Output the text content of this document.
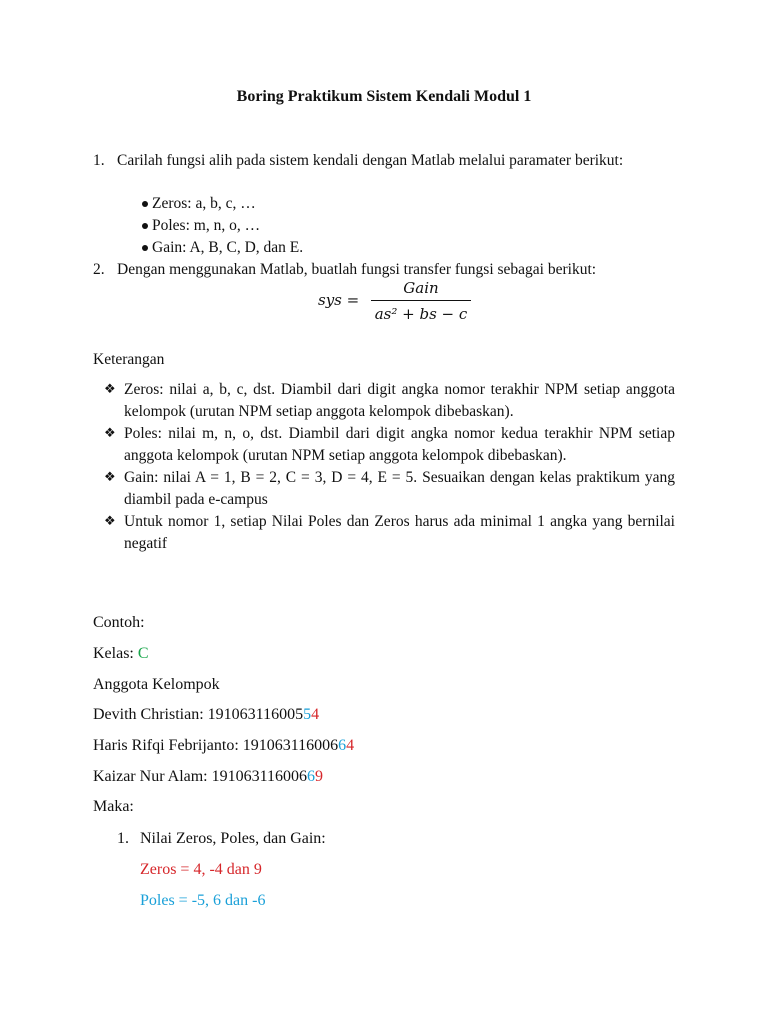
Boring Praktikum Sistem Kendali Modul 1
1. Carilah fungsi alih pada sistem kendali dengan Matlab melalui paramater berikut:
Zeros: a, b, c, …
Poles: m, n, o, …
Gain: A, B, C, D, dan E.
2. Dengan menggunakan Matlab, buatlah fungsi transfer fungsi sebagai berikut:
sys =
Gain
as² + bs − c
Keterangan
❖ Zeros: nilai a, b, c, dst. Diambil dari digit angka nomor terakhir NPM setiap anggota kelompok (urutan NPM setiap anggota kelompok dibebaskan).
❖ Poles: nilai m, n, o, dst. Diambil dari digit angka nomor kedua terakhir NPM setiap anggota kelompok (urutan NPM setiap anggota kelompok dibebaskan).
❖ Gain: nilai A = 1, B = 2, C = 3, D = 4, E = 5. Sesuaikan dengan kelas praktikum yang diambil pada e-campus
❖ Untuk nomor 1, setiap Nilai Poles dan Zeros harus ada minimal 1 angka yang bernilai negatif
Contoh:
Kelas: C
Anggota Kelompok
Devith Christian: 19106311600554
Haris Rifqi Febrijanto: 19106311600664
Kaizar Nur Alam: 19106311600669
Maka:
1. Nilai Zeros, Poles, dan Gain:
Zeros = 4, -4 dan 9
Poles = -5, 6 dan -6
